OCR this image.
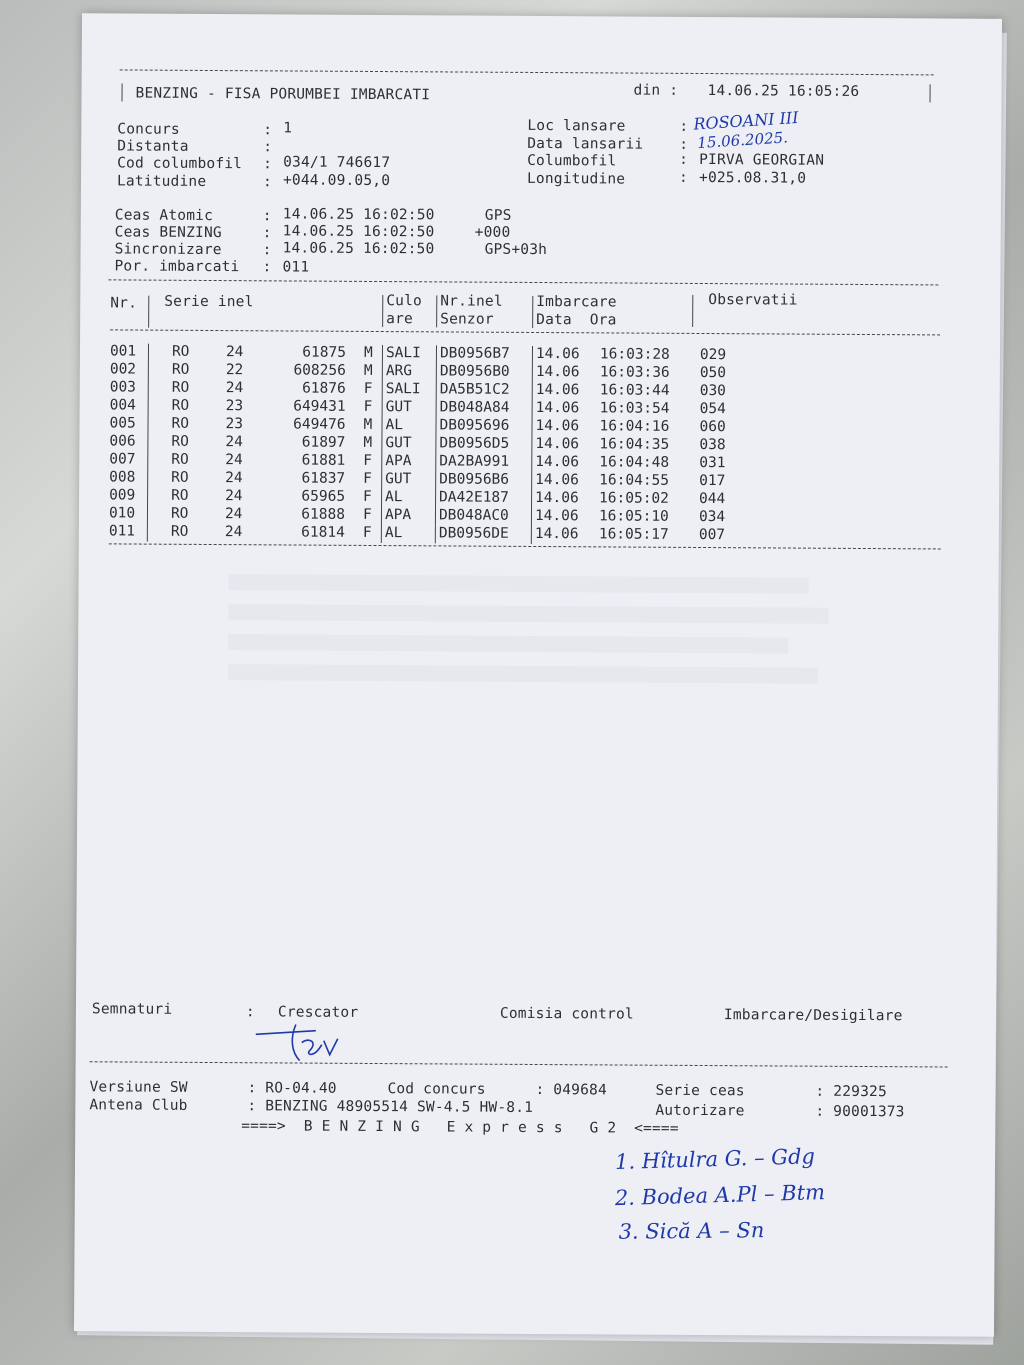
BENZING - FISA PORUMBEI IMBARCATI	din : 14.06.25 16:05:26
Concurs	: 1
Distanta	:
Cod columbofil : 034/1 746617
Latitudine	: +044.09.05,0
Loc lansare	: ROSOANI III
Data lansarii : 15.06.2025.
Columbofil	: PIRVA GEORGIAN
Longitudine	: +025.08.31,0
Ceas Atomic	: 14.06.25 16:02:50	GPS
Ceas BENZING	: 14.06.25 16:02:50	+000
Sincronizare	: 14.06.25 16:02:50	GPS+03h
Por. imbarcati : 011
Nr. Serie inel	Culo
are
Nr.inel
Senzor
Imbarcare
Data  Ora
Observatii
001 RO	24	61875 M SALI DB0956B7 14.06 16:03:28 029
002 RO	22	608256 M ARG DB0956B0 14.06 16:03:36 050
003 RO	24	61876 F SALI DA5B51C2 14.06 16:03:44 030
004 RO	23	649431 F GUT DB048A84 14.06 16:03:54 054
005 RO	23	649476 M AL	DB095696 14.06 16:04:16 060
006 RO	24	61897 M GUT DB0956D5 14.06 16:04:35 038
007 RO	24	61881 F APA DA2BA991 14.06 16:04:48 031
008 RO	24	61837 F GUT DB0956B6 14.06 16:04:55 017
009 RO	24	65965 F AL	DA42E187 14.06 16:05:02 044
010 RO	24	61888 F APA DB048AC0 14.06 16:05:10 034
011 RO	24	61814 F AL	DB0956DE 14.06 16:05:17 007
Semnaturi	: Crescator	Comisia control	Imbarcare/Desigilare
Versiune SW	: RO-04.40	Cod concurs	: 049684	Serie ceas	: 229325
Antena Club	: BENZING 48905514 SW-4.5 HW-8.1	Autorizare	: 90001373
====>  B E N Z I N G   E x p r e s s   G 2  <====
1. Hîtulra G. – Gdg
2. Bodea A.Pl – Btm
3. Sică A – Sn
